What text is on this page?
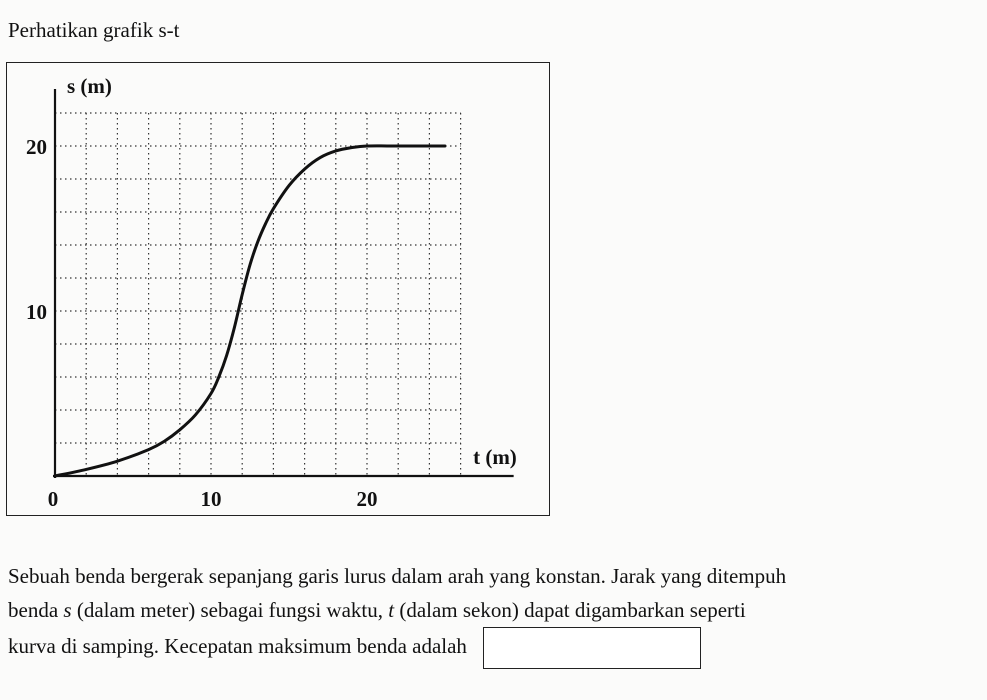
Perhatikan grafik s-t

10
20
0	10	20
s (m)
t (m)

Sebuah benda bergerak sepanjang garis lurus dalam arah yang konstan. Jarak yang ditempuh
benda s (dalam meter) sebagai fungsi waktu, t (dalam sekon) dapat digambarkan seperti
kurva di samping. Kecepatan maksimum benda adalah
